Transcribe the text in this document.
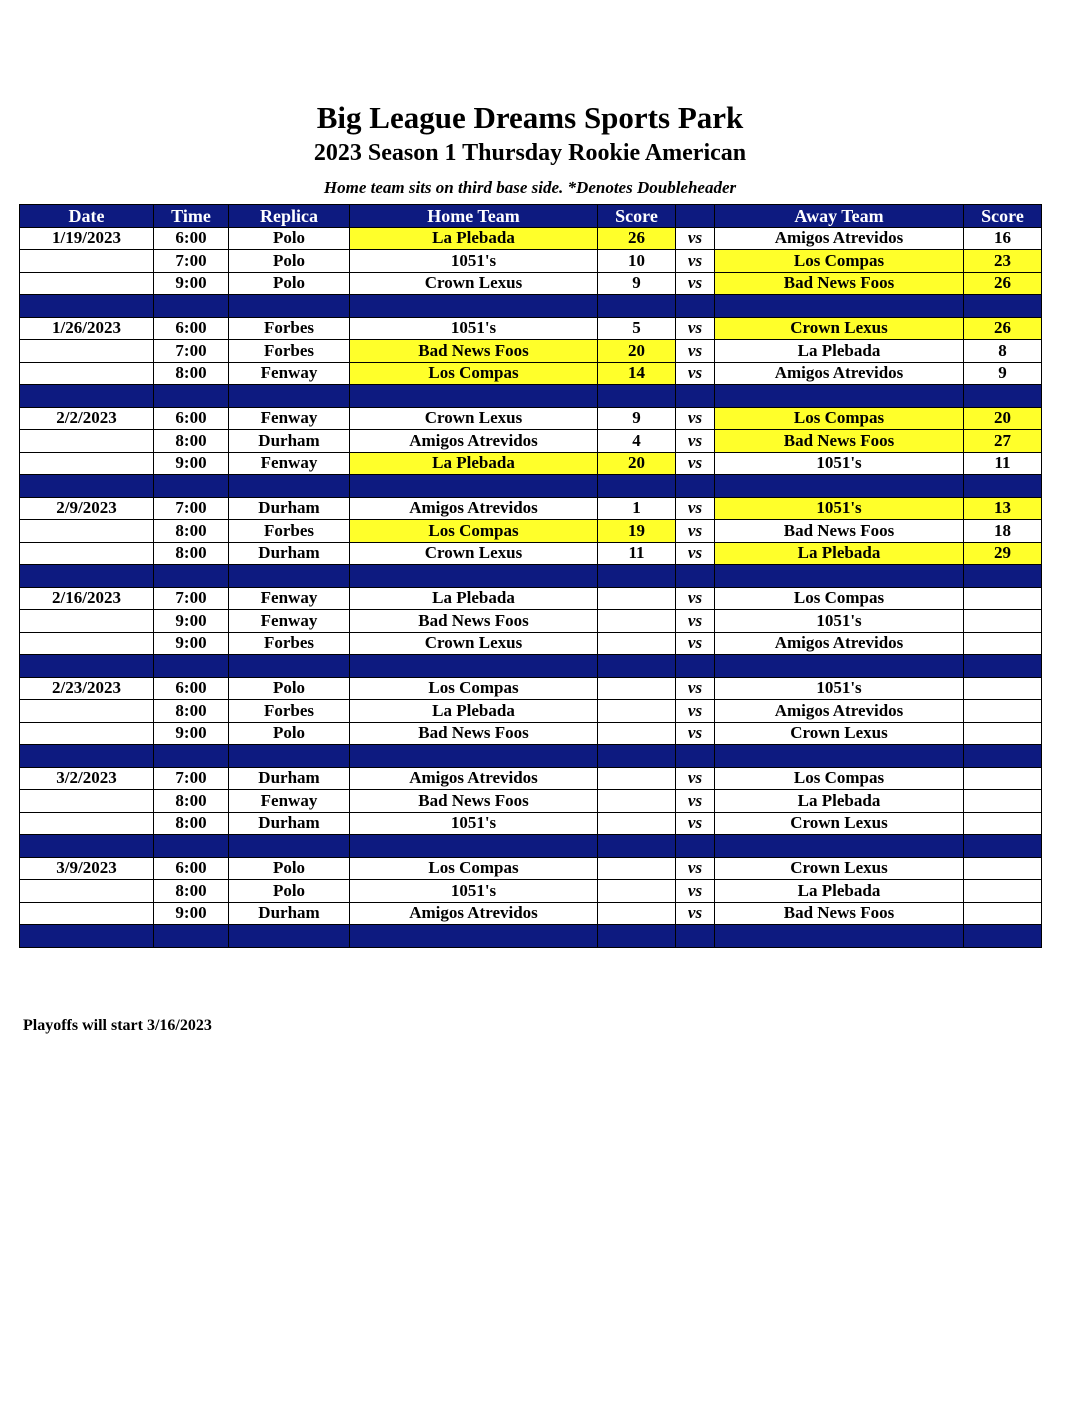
Big League Dreams Sports Park
2023 Season 1 Thursday Rookie American
Home team sits on third base side. *Denotes Doubleheader
Date	Time	Replica	Home Team	Score		Away Team	Score
1/19/2023	6:00	Polo	La Plebada	26	vs	Amigos Atrevidos	16
	7:00	Polo	1051's	10	vs	Los Compas	23
	9:00	Polo	Crown Lexus	9	vs	Bad News Foos	26

1/26/2023	6:00	Forbes	1051's	5	vs	Crown Lexus	26
	7:00	Forbes	Bad News Foos	20	vs	La Plebada	8
	8:00	Fenway	Los Compas	14	vs	Amigos Atrevidos	9

2/2/2023	6:00	Fenway	Crown Lexus	9	vs	Los Compas	20
	8:00	Durham	Amigos Atrevidos	4	vs	Bad News Foos	27
	9:00	Fenway	La Plebada	20	vs	1051's	11

2/9/2023	7:00	Durham	Amigos Atrevidos	1	vs	1051's	13
	8:00	Forbes	Los Compas	19	vs	Bad News Foos	18
	8:00	Durham	Crown Lexus	11	vs	La Plebada	29

2/16/2023	7:00	Fenway	La Plebada		vs	Los Compas	
	9:00	Fenway	Bad News Foos		vs	1051's	
	9:00	Forbes	Crown Lexus		vs	Amigos Atrevidos	

2/23/2023	6:00	Polo	Los Compas		vs	1051's	
	8:00	Forbes	La Plebada		vs	Amigos Atrevidos	
	9:00	Polo	Bad News Foos		vs	Crown Lexus	

3/2/2023	7:00	Durham	Amigos Atrevidos		vs	Los Compas	
	8:00	Fenway	Bad News Foos		vs	La Plebada	
	8:00	Durham	1051's		vs	Crown Lexus	

3/9/2023	6:00	Polo	Los Compas		vs	Crown Lexus	
	8:00	Polo	1051's		vs	La Plebada	
	9:00	Durham	Amigos Atrevidos		vs	Bad News Foos	

Playoffs will start 3/16/2023
